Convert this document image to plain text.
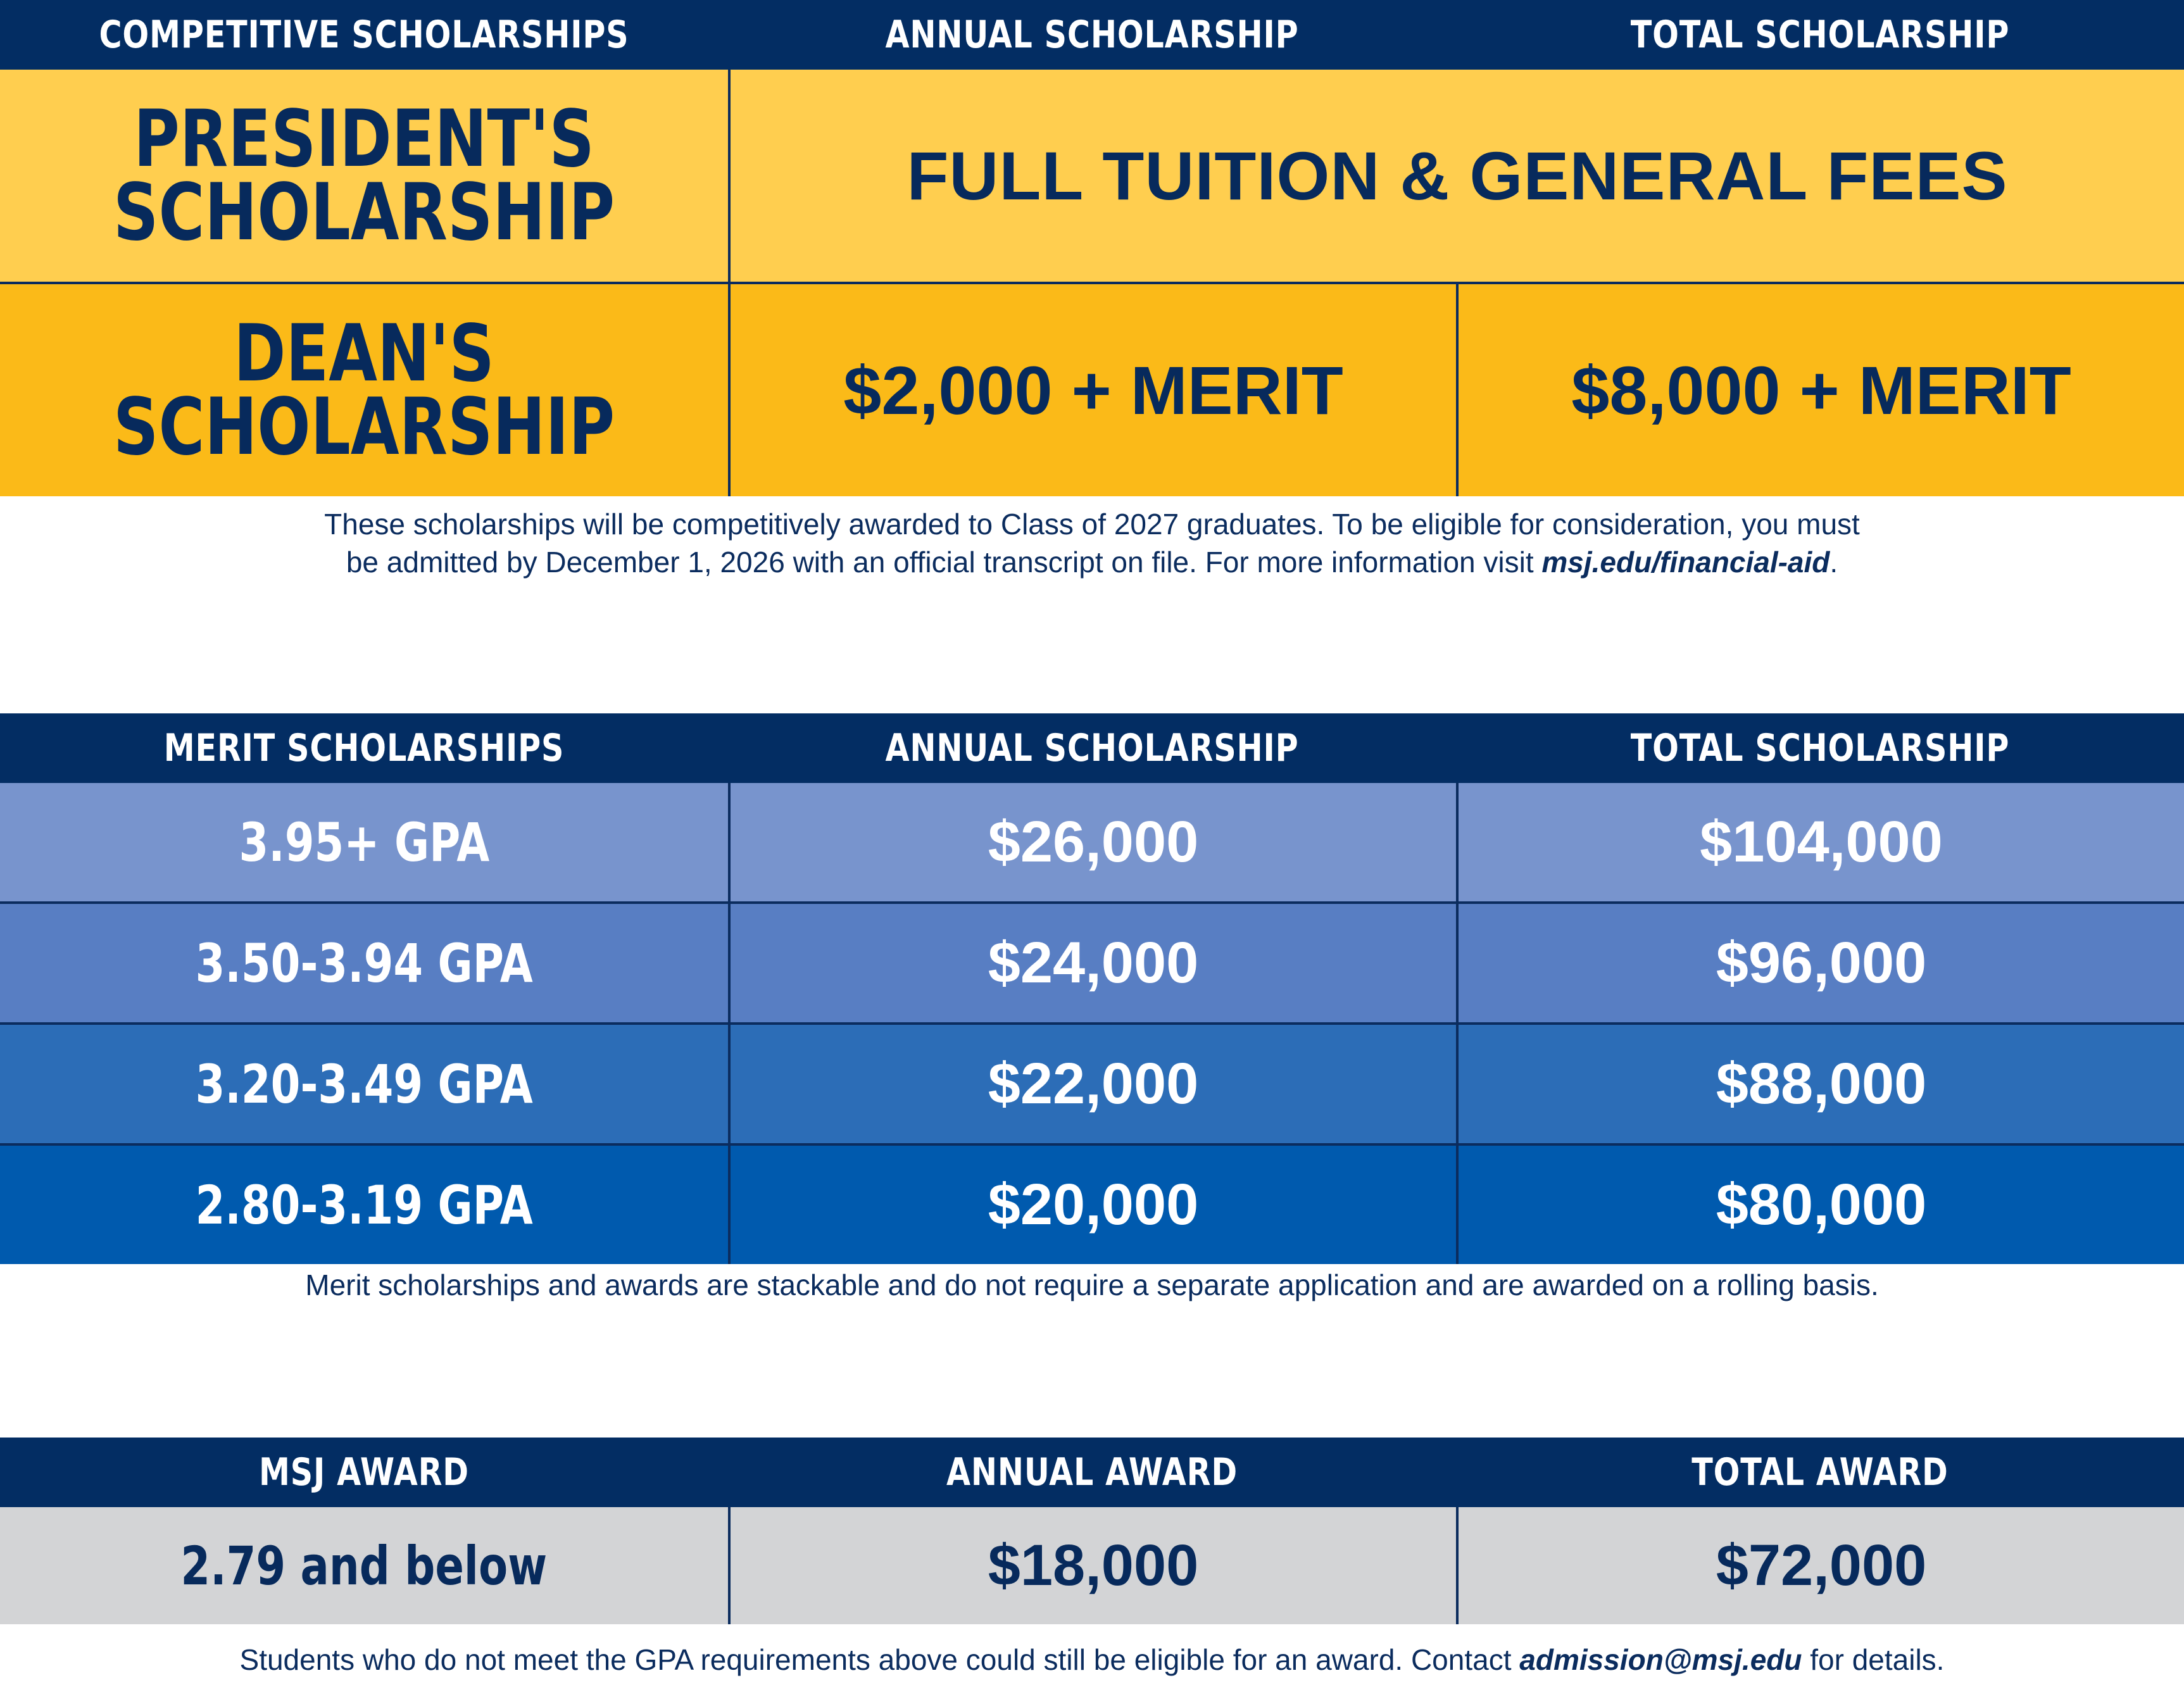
COMPETITIVE SCHOLARSHIPS	ANNUAL SCHOLARSHIP	TOTAL SCHOLARSHIP
PRESIDENT'S
SCHOLARSHIP	FULL TUITION & GENERAL FEES
DEAN'S
SCHOLARSHIP	$2,000 + MERIT	$8,000 + MERIT
These scholarships will be competitively awarded to Class of 2027 graduates. To be eligible for consideration, you must
be admitted by December 1, 2026 with an official transcript on file. For more information visit msj.edu/financial-aid.
MERIT SCHOLARSHIPS	ANNUAL SCHOLARSHIP	TOTAL SCHOLARSHIP
3.95+ GPA	$26,000	$104,000
3.50-3.94 GPA	$24,000	$96,000
3.20-3.49 GPA	$22,000	$88,000
2.80-3.19 GPA	$20,000	$80,000
Merit scholarships and awards are stackable and do not require a separate application and are awarded on a rolling basis.
MSJ AWARD	ANNUAL AWARD	TOTAL AWARD
2.79 and below	$18,000	$72,000
Students who do not meet the GPA requirements above could still be eligible for an award. Contact admission@msj.edu for details.
